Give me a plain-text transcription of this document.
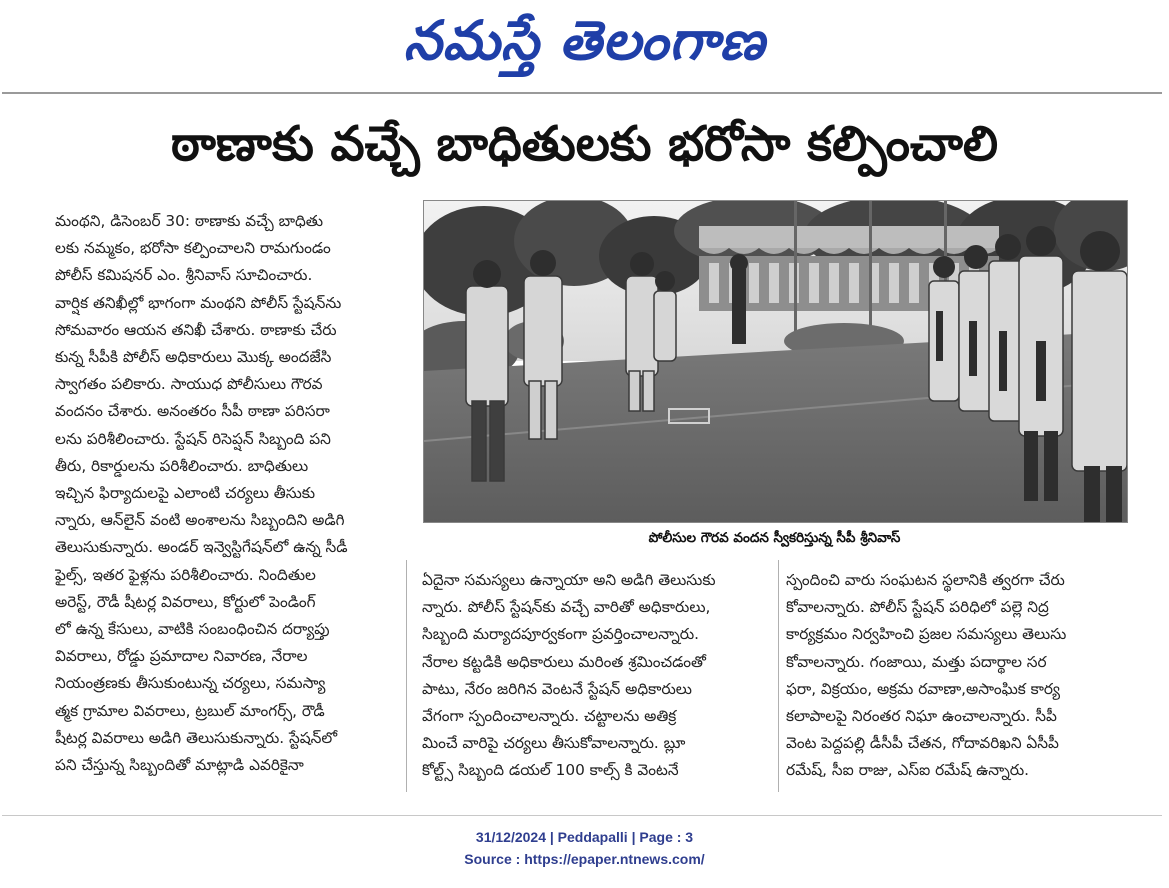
నమస్తే తెలంగాణ
ఠాణాకు వచ్చే బాధితులకు భరోసా కల్పించాలి
మంథని, డిసెంబర్ 30: ఠాణాకు వచ్చే బాధితు
లకు నమ్మకం, భరోసా కల్పించాలని రామగుండం
పోలీస్ కమిషనర్ ఎం. శ్రీనివాస్ సూచించారు.
వార్షిక తనిఖీల్లో భాగంగా మంథని పోలీస్ స్టేషన్‌ను
సోమవారం ఆయన తనిఖీ చేశారు. ఠాణాకు చేరు
కున్న సీపీకి పోలీస్ అధికారులు మొక్క అందజేసి
స్వాగతం పలికారు. సాయుధ పోలీసులు గౌరవ
వందనం చేశారు. అనంతరం సీపీ ఠాణా పరిసరా
లను పరిశీలించారు. స్టేషన్ రిసెప్షన్ సిబ్బంది పని
తీరు, రికార్డులను పరిశీలించారు. బాధితులు
ఇచ్చిన ఫిర్యాదులపై ఎలాంటి చర్యలు తీసుకు
న్నారు, ఆన్‌లైన్ వంటి అంశాలను సిబ్బందిని అడిగి
తెలుసుకున్నారు. అండర్ ఇన్వెస్టిగేషన్‌లో ఉన్న సీడీ
ఫైల్స్, ఇతర ఫైళ్లను పరిశీలించారు. నిందితుల
అరెస్ట్, రౌడీ షీటర్ల వివరాలు, కోర్టులో పెండింగ్
లో ఉన్న కేసులు, వాటికి సంబంధించిన దర్యాప్తు
వివరాలు, రోడ్డు ప్రమాదాల నివారణ, నేరాల
నియంత్రణకు తీసుకుంటున్న చర్యలు, సమస్యా
త్మక గ్రామాల వివరాలు, ట్రబుల్ మాంగర్స్, రౌడీ
షీటర్ల వివరాలు అడిగి తెలుసుకున్నారు. స్టేషన్‌లో
పని చేస్తున్న సిబ్బందితో మాట్లాడి ఎవరికైనా
పోలీసుల గౌరవ వందన స్వీకరిస్తున్న సీపీ శ్రీనివాస్
ఏదైనా సమస్యలు ఉన్నాయా అని అడిగి తెలుసుకు
న్నారు. పోలీస్ స్టేషన్‌కు వచ్చే వారితో అధికారులు,
సిబ్బంది మర్యాదపూర్వకంగా ప్రవర్తించాలన్నారు.
నేరాల కట్టడికి అధికారులు మరింత శ్రమించడంతో
పాటు, నేరం జరిగిన వెంటనే స్టేషన్ అధికారులు
వేగంగా స్పందించాలన్నారు. చట్టాలను అతిక్ర
మించే వారిపై చర్యలు తీసుకోవాలన్నారు. బ్లూ
కోల్ట్స్ సిబ్బంది డయల్ 100 కాల్స్ కి వెంటనే
స్పందించి వారు సంఘటన స్థలానికి త్వరగా చేరు
కోవాలన్నారు. పోలీస్ స్టేషన్ పరిధిలో పల్లె నిద్ర
కార్యక్రమం నిర్వహించి ప్రజల సమస్యలు తెలుసు
కోవాలన్నారు. గంజాయి, మత్తు పదార్థాల సర
ఫరా, విక్రయం, అక్రమ రవాణా,అసాంఘిక కార్య
కలాపాలపై నిరంతర నిఘా ఉంచాలన్నారు. సీపీ
వెంట పెద్దపల్లి డీసీపీ చేతన, గోదావరిఖని ఏసీపీ
రమేష్, సీఐ రాజు, ఎస్ఐ రమేష్ ఉన్నారు.
31/12/2024 | Peddapalli | Page : 3
Source : https://epaper.ntnews.com/
